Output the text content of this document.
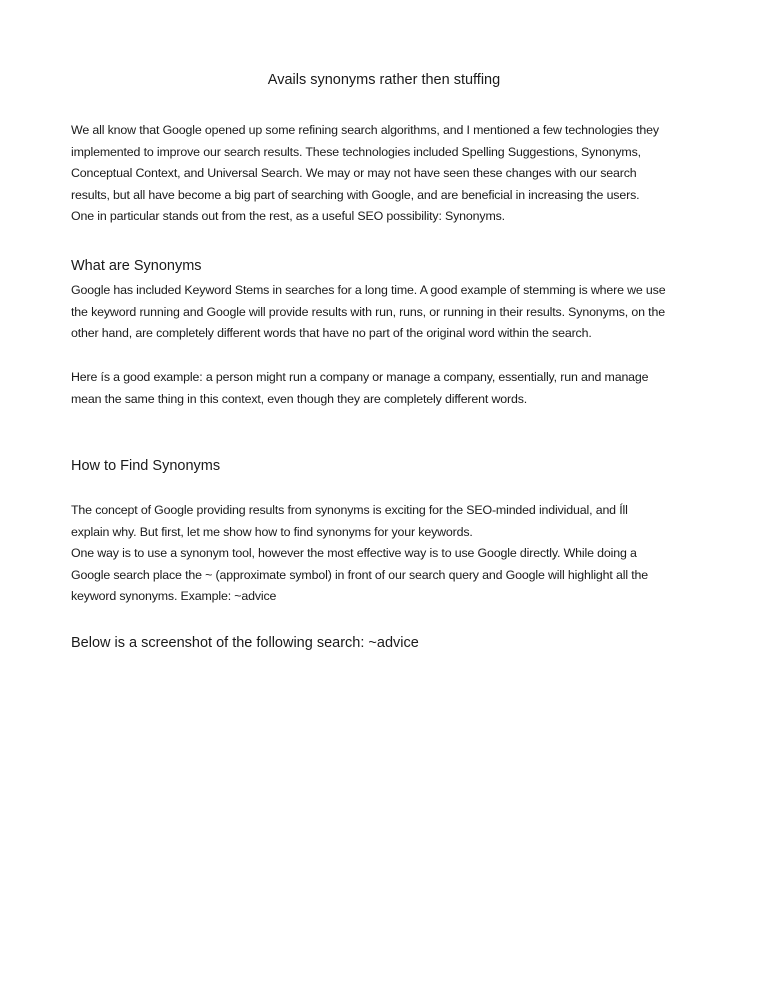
Avails synonyms rather then stuffing
We all know that Google opened up some refining search algorithms, and I mentioned a few technologies they
implemented to improve our search results. These technologies included Spelling Suggestions, Synonyms,
Conceptual Context, and Universal Search. We may or may not have seen these changes with our search
results, but all have become a big part of searching with Google, and are beneficial in increasing the users.
One in particular stands out from the rest, as a useful SEO possibility: Synonyms.
What are Synonyms
Google has included Keyword Stems in searches for a long time. A good example of stemming is where we use
the keyword running and Google will provide results with run, runs, or running in their results. Synonyms, on the
other hand, are completely different words that have no part of the original word within the search.
Here ís a good example: a person might run a company or manage a company, essentially, run and manage
mean the same thing in this context, even though they are completely different words.
How to Find Synonyms
The concept of Google providing results from synonyms is exciting for the SEO-minded individual, and Íll
explain why. But first, let me show how to find synonyms for your keywords.
One way is to use a synonym tool, however the most effective way is to use Google directly. While doing a
Google search place the ~ (approximate symbol) in front of our search query and Google will highlight all the
keyword synonyms. Example: ~advice
Below is a screenshot of the following search: ~advice
